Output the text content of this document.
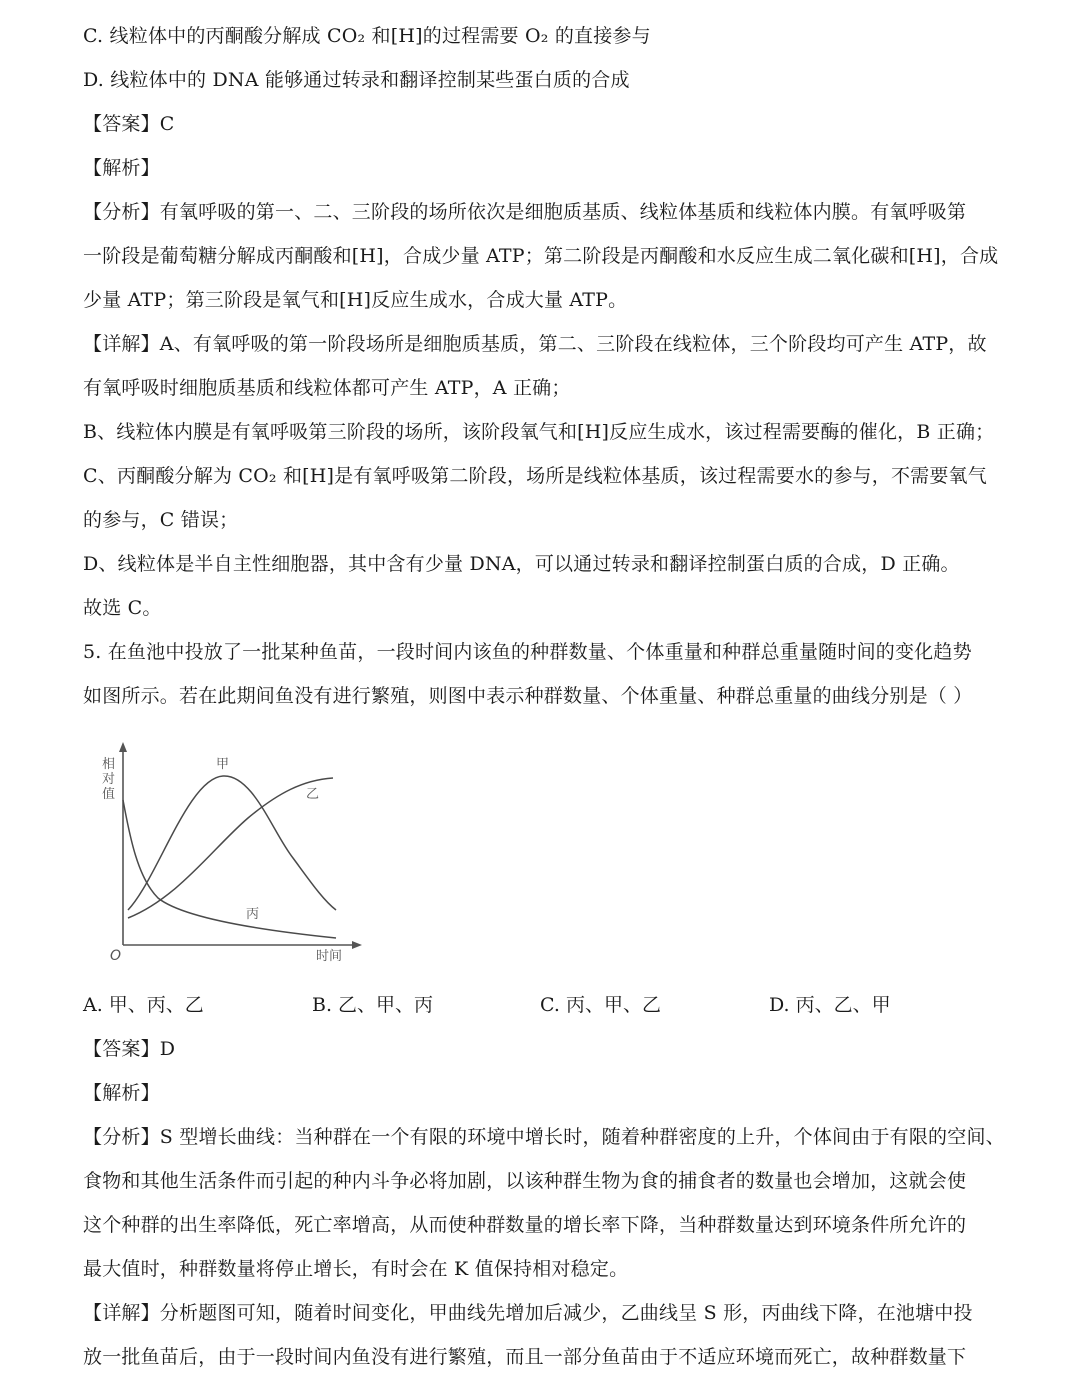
C. 线粒体中的丙酮酸分解成 CO₂ 和[H]的过程需要 O₂ 的直接参与
D. 线粒体中的 DNA 能够通过转录和翻译控制某些蛋白质的合成
【答案】C
【解析】
【分析】有氧呼吸的第一、二、三阶段的场所依次是细胞质基质、线粒体基质和线粒体内膜。有氧呼吸第
一阶段是葡萄糖分解成丙酮酸和[H]，合成少量 ATP；第二阶段是丙酮酸和水反应生成二氧化碳和[H]，合成
少量 ATP；第三阶段是氧气和[H]反应生成水，合成大量 ATP。
【详解】A、有氧呼吸的第一阶段场所是细胞质基质，第二、三阶段在线粒体，三个阶段均可产生 ATP，故
有氧呼吸时细胞质基质和线粒体都可产生 ATP，A 正确；
B、线粒体内膜是有氧呼吸第三阶段的场所，该阶段氧气和[H]反应生成水，该过程需要酶的催化，B 正确；
C、丙酮酸分解为 CO₂ 和[H]是有氧呼吸第二阶段，场所是线粒体基质，该过程需要水的参与，不需要氧气
的参与，C 错误；
D、线粒体是半自主性细胞器，其中含有少量 DNA，可以通过转录和翻译控制蛋白质的合成，D 正确。
故选 C。
5. 在鱼池中投放了一批某种鱼苗，一段时间内该鱼的种群数量、个体重量和种群总重量随时间的变化趋势
如图所示。若在此期间鱼没有进行繁殖，则图中表示种群数量、个体重量、种群总重量的曲线分别是（ ）
相对值
甲
乙
丙
O	时间
A. 甲、丙、乙	B. 乙、甲、丙	C. 丙、甲、乙	D. 丙、乙、甲
【答案】D
【解析】
【分析】S 型增长曲线：当种群在一个有限的环境中增长时，随着种群密度的上升，个体间由于有限的空间、
食物和其他生活条件而引起的种内斗争必将加剧，以该种群生物为食的捕食者的数量也会增加，这就会使
这个种群的出生率降低，死亡率增高，从而使种群数量的增长率下降，当种群数量达到环境条件所允许的
最大值时，种群数量将停止增长，有时会在 K 值保持相对稳定。
【详解】分析题图可知，随着时间变化，甲曲线先增加后减少，乙曲线呈 S 形，丙曲线下降，在池塘中投
放一批鱼苗后，由于一段时间内鱼没有进行繁殖，而且一部分鱼苗由于不适应环境而死亡，故种群数量下
